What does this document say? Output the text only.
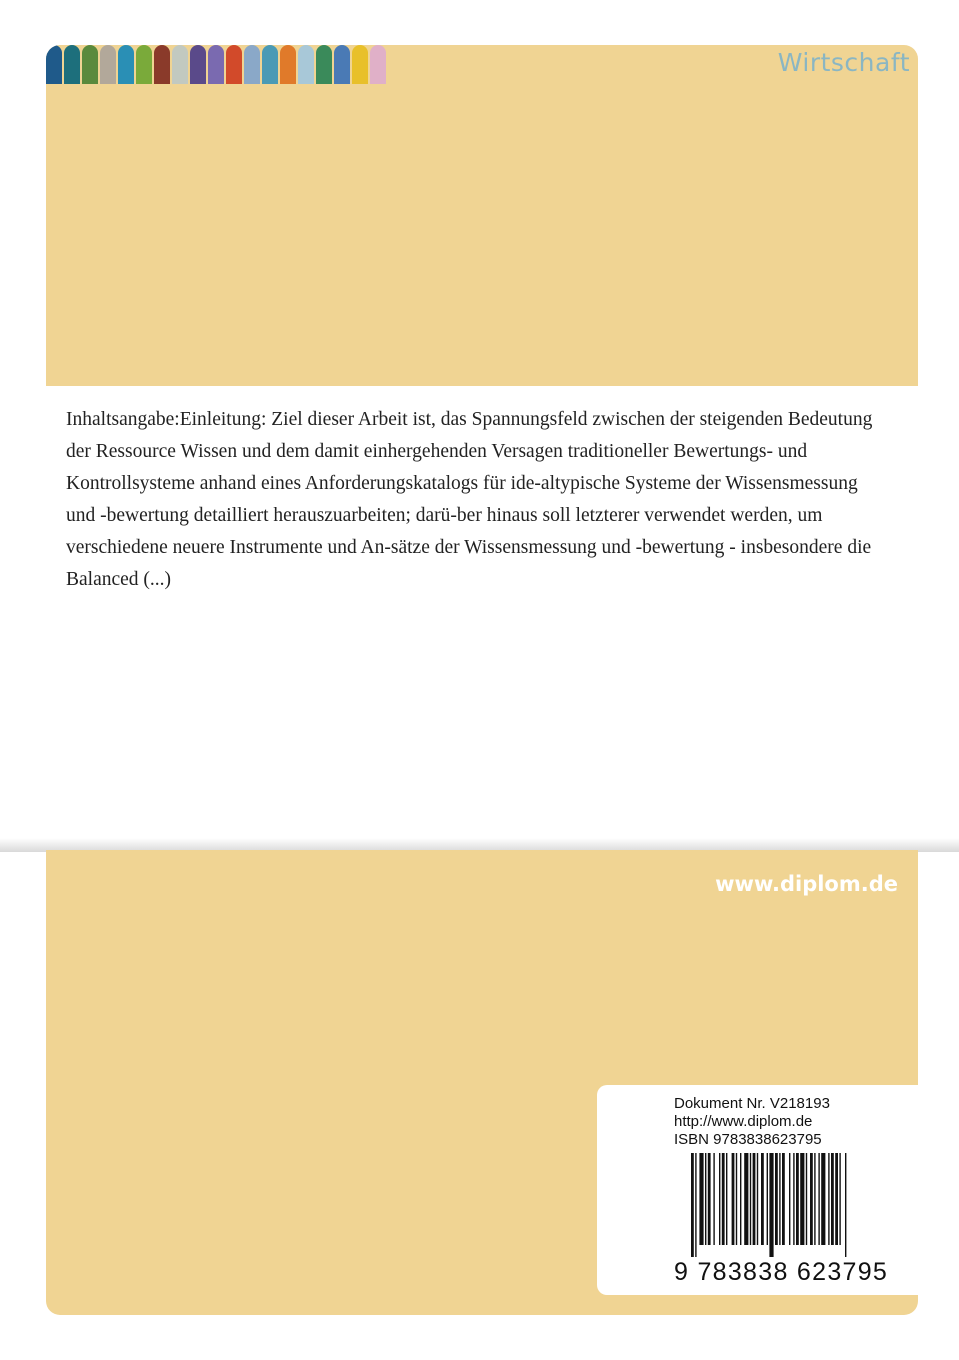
Wirtschaft
Inhaltsangabe:Einleitung: Ziel dieser Arbeit ist, das Spannungsfeld zwischen der steigenden Bedeutung der Ressource Wissen und dem damit einhergehenden Versagen traditioneller Bewertungs- und Kontrollsysteme anhand eines Anforderungskatalogs für ide-altypische Systeme der Wissensmessung und -bewertung detailliert herauszuarbeiten; darü-ber hinaus soll letzterer verwendet werden, um verschiedene neuere Instrumente und An-sätze der Wissensmessung und -bewertung - insbesondere die Balanced (...)
www.diplom.de
Dokument Nr. V218193
http://www.diplom.de
ISBN 9783838623795
9 783838 623795
